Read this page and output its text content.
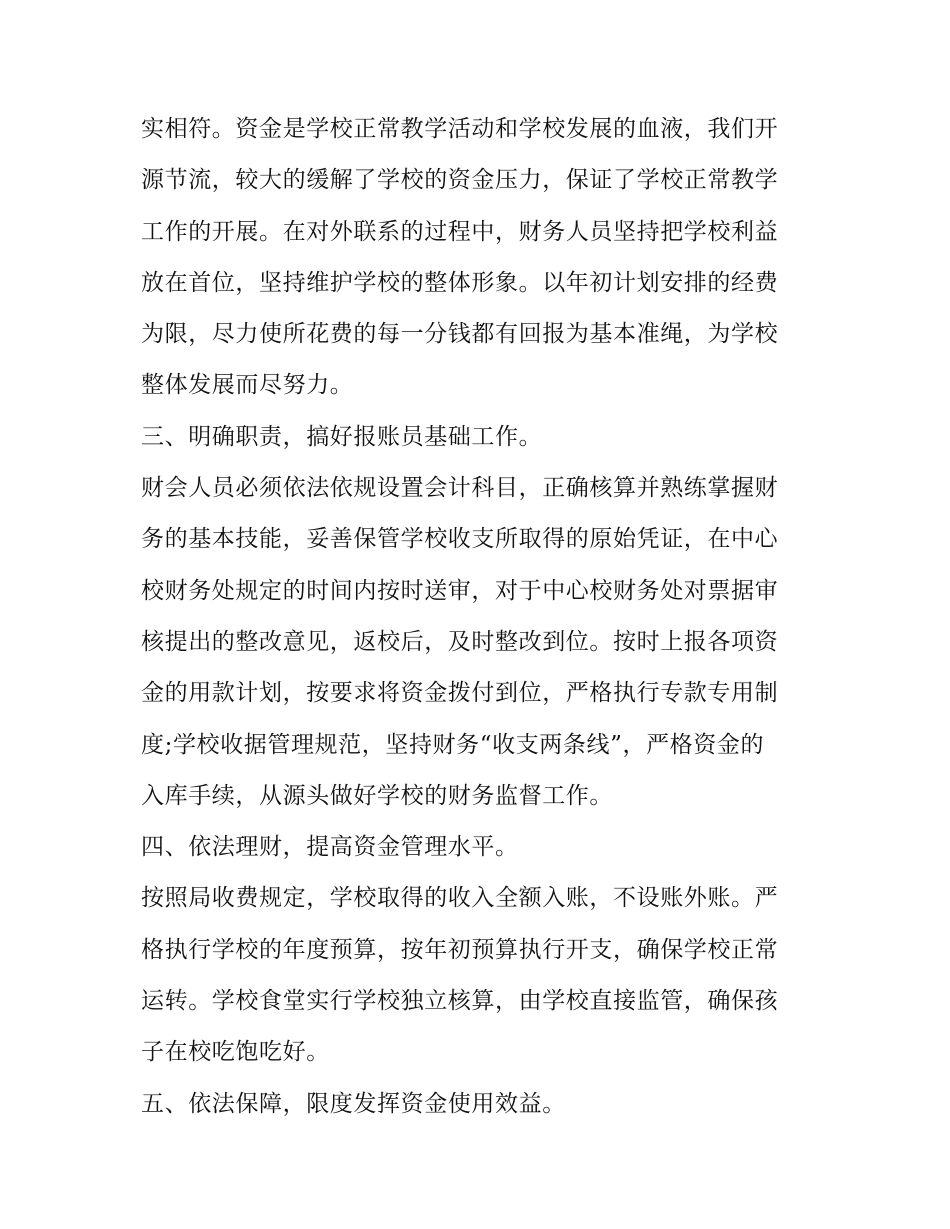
实相符。资金是学校正常教学活动和学校发展的血液，我们开
源节流，较大的缓解了学校的资金压力，保证了学校正常教学
工作的开展。在对外联系的过程中，财务人员坚持把学校利益
放在首位，坚持维护学校的整体形象。以年初计划安排的经费
为限，尽力使所花费的每一分钱都有回报为基本准绳，为学校
整体发展而尽努力。
三、明确职责，搞好报账员基础工作。
财会人员必须依法依规设置会计科目，正确核算并熟练掌握财
务的基本技能，妥善保管学校收支所取得的原始凭证，在中心
校财务处规定的时间内按时送审，对于中心校财务处对票据审
核提出的整改意见，返校后，及时整改到位。按时上报各项资
金的用款计划，按要求将资金拨付到位，严格执行专款专用制
度;学校收据管理规范，坚持财务“收支两条线”，严格资金的
入库手续，从源头做好学校的财务监督工作。
四、依法理财，提高资金管理水平。
按照局收费规定，学校取得的收入全额入账，不设账外账。严
格执行学校的年度预算，按年初预算执行开支，确保学校正常
运转。学校食堂实行学校独立核算，由学校直接监管，确保孩
子在校吃饱吃好。
五、依法保障，限度发挥资金使用效益。
